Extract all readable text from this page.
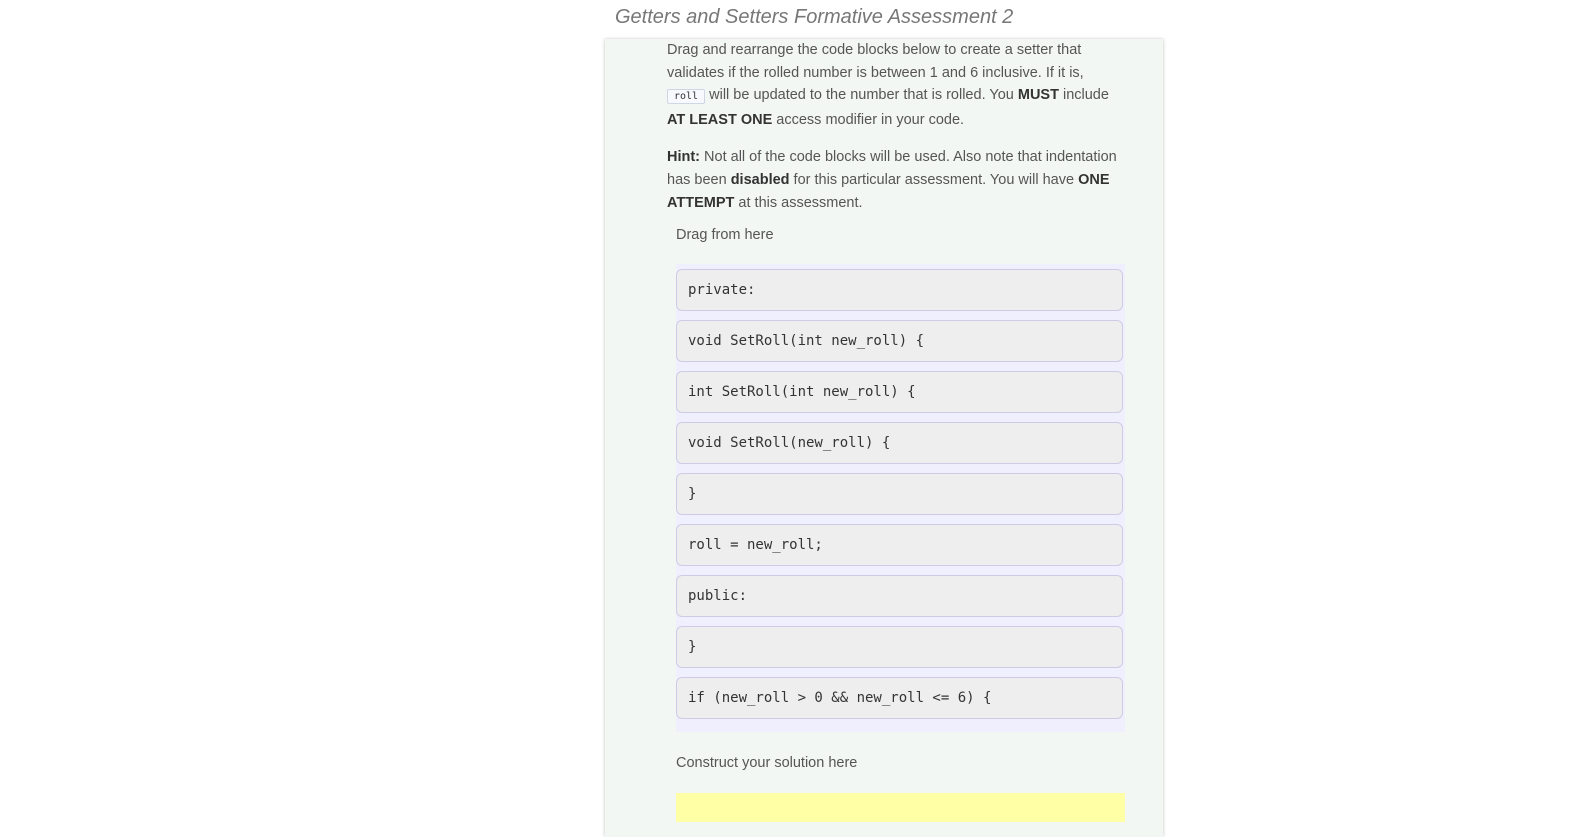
Getters and Setters Formative Assessment 2

Drag and rearrange the code blocks below to create a setter that validates if the rolled number is between 1 and 6 inclusive. If it is, roll will be updated to the number that is rolled. You MUST include AT LEAST ONE access modifier in your code.

Hint: Not all of the code blocks will be used. Also note that indentation has been disabled for this particular assessment. You will have ONE ATTEMPT at this assessment.

Drag from here
private:
void SetRoll(int new_roll) {
int SetRoll(int new_roll) {
void SetRoll(new_roll) {
}
roll = new_roll;
public:
}
if (new_roll > 0 && new_roll <= 6) {
Construct your solution here
